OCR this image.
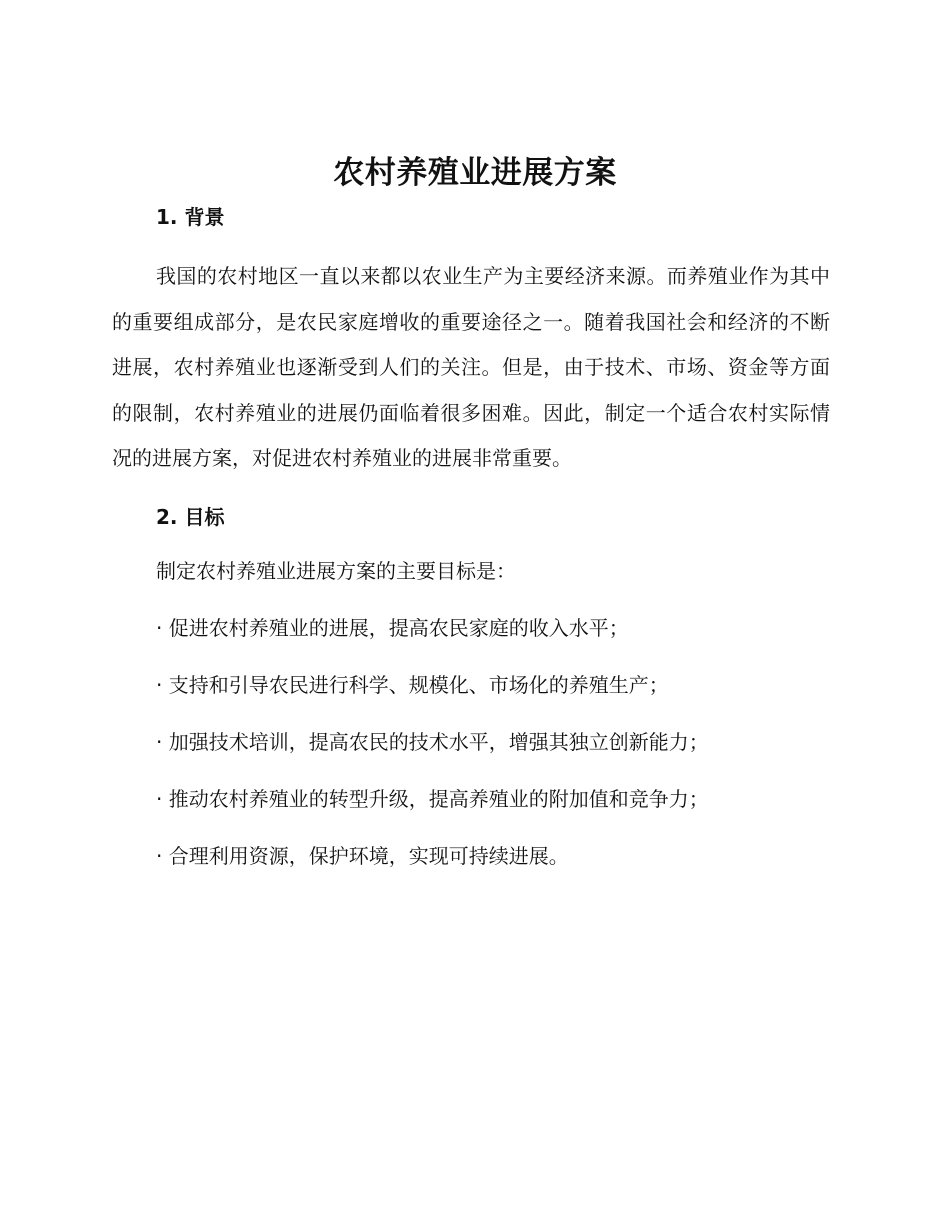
农村养殖业进展方案
1. 背景

我国的农村地区一直以来都以农业生产为主要经济来源。而养殖业作为其中的重要组成部分，是农民家庭增收的重要途径之一。随着我国社会和经济的不断进展，农村养殖业也逐渐受到人们的关注。但是，由于技术、市场、资金等方面的限制，农村养殖业的进展仍面临着很多困难。因此，制定一个适合农村实际情况的进展方案，对促进农村养殖业的进展非常重要。

2. 目标

制定农村养殖业进展方案的主要目标是：

· 促进农村养殖业的进展，提高农民家庭的收入水平；
· 支持和引导农民进行科学、规模化、市场化的养殖生产；
· 加强技术培训，提高农民的技术水平，增强其独立创新能力；
· 推动农村养殖业的转型升级，提高养殖业的附加值和竞争力；
· 合理利用资源，保护环境，实现可持续进展。
